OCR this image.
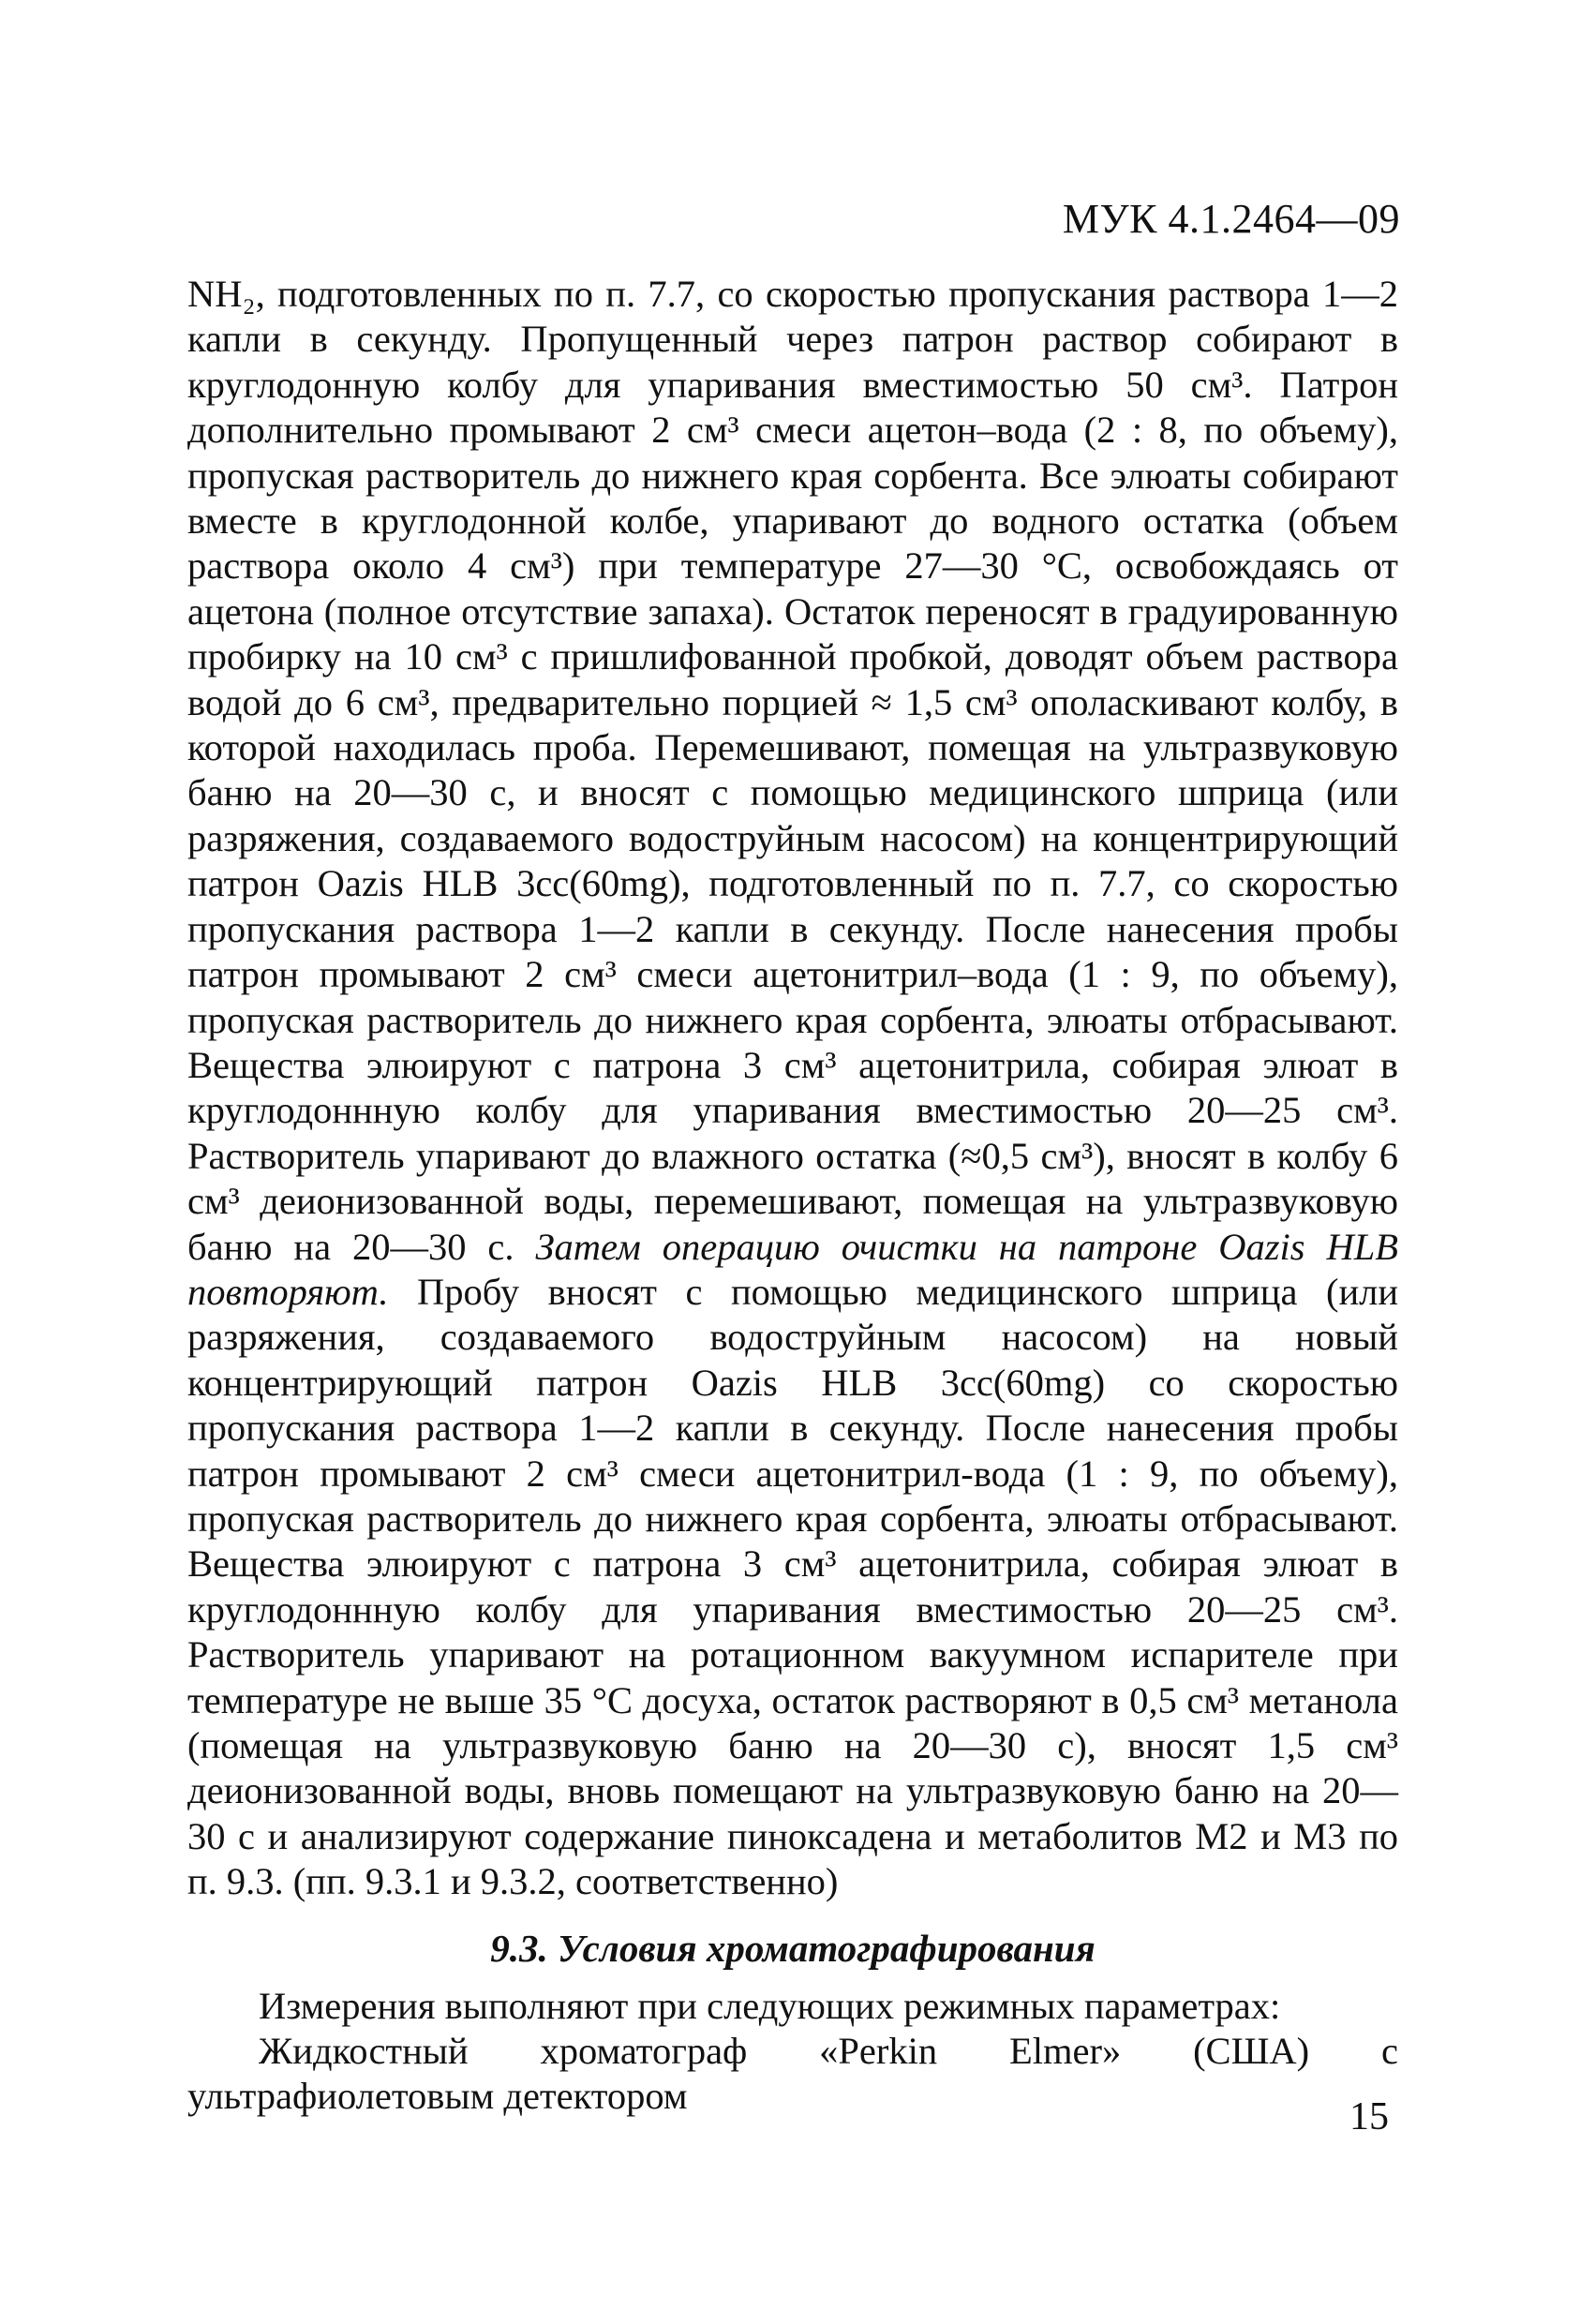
МУК 4.1.2464—09

NH₂, подготовленных по п. 7.7, со скоростью пропускания раствора 1—2 капли в секунду. Пропущенный через патрон раствор собирают в круглодонную колбу для упаривания вместимостью 50 см³. Патрон дополнительно промывают 2 см³ смеси ацетон–вода (2 : 8, по объему), пропуская растворитель до нижнего края сорбента. Все элюаты собирают вместе в круглодонной колбе, упаривают до водного остатка (объем раствора около 4 см³) при температуре 27—30 °С, освобождаясь от ацетона (полное отсутствие запаха). Остаток переносят в градуированную пробирку на 10 см³ с пришлифованной пробкой, доводят объем раствора водой до 6 см³, предварительно порцией ≈ 1,5 см³ ополаскивают колбу, в которой находилась проба. Перемешивают, помещая на ультразвуковую баню на 20—30 с, и вносят с помощью медицинского шприца (или разряжения, создаваемого водоструйным насосом) на концентрирующий патрон Oazis HLB 3cc(60mg), подготовленный по п. 7.7, со скоростью пропускания раствора 1—2 капли в секунду. После нанесения пробы патрон промывают 2 см³ смеси ацетонитрил–вода (1 : 9, по объему), пропуская растворитель до нижнего края сорбента, элюаты отбрасывают. Вещества элюируют с патрона 3 см³ ацетонитрила, собирая элюат в круглодоннную колбу для упаривания вместимостью 20—25 см³. Растворитель упаривают до влажного остатка (≈0,5 см³), вносят в колбу 6 см³ деионизованной воды, перемешивают, помещая на ультразвуковую баню на 20—30 с. Затем операцию очистки на патроне Oazis HLB повторяют. Пробу вносят с помощью медицинского шприца (или разряжения, создаваемого водоструйным насосом) на новый концентрирующий патрон Oazis HLB 3cc(60mg) со скоростью пропускания раствора 1—2 капли в секунду. После нанесения пробы патрон промывают 2 см³ смеси ацетонитрил-вода (1 : 9, по объему), пропуская растворитель до нижнего края сорбента, элюаты отбрасывают. Вещества элюируют с патрона 3 см³ ацетонитрила, собирая элюат в круглодоннную колбу для упаривания вместимостью 20—25 см³. Растворитель упаривают на ротационном вакуумном испарителе при температуре не выше 35 °С досуха, остаток растворяют в 0,5 см³ метанола (помещая на ультразвуковую баню на 20—30 с), вносят 1,5 см³ деионизованной воды, вновь помещают на ультразвуковую баню на 20—30 с и анализируют содержание пиноксадена и метаболитов М2 и М3 по п. 9.3. (пп. 9.3.1 и 9.3.2, соответственно)

9.3. Условия хроматографирования

Измерения выполняют при следующих режимных параметрах:

Жидкостный хроматограф «Perkin Elmer» (США) с ультрафиолетовым детектором	15
